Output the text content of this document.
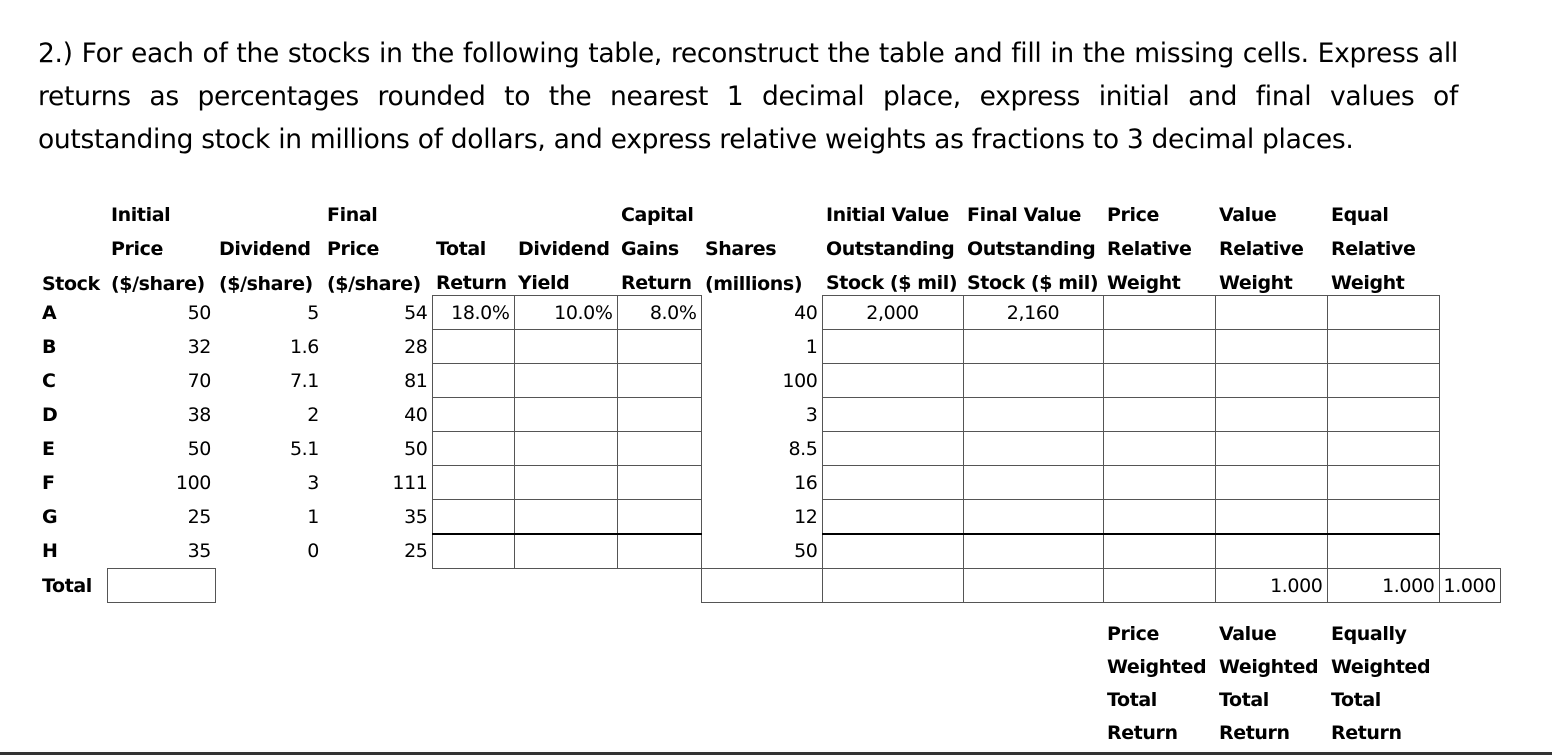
2.) For each of the stocks in the following table, reconstruct the table and fill in the missing cells. Express all returns as percentages rounded to the nearest 1 decimal place, express initial and final values of outstanding stock in millions of dollars, and express relative weights as fractions to 3 decimal places.
	Initial		Final			Capital		Initial Value	Final Value	Price	Value	Equal	
	Price	Dividend	Price	Total	Dividend	Gains	Shares	Outstanding	Outstanding	Relative	Relative	Relative	
Stock	($/share)	($/share)	($/share)	Return	Yield	Return	(millions)	Stock ($ mil)	Stock ($ mil)	Weight	Weight	Weight	
A	50	5	54	18.0%	10.0%	8.0%	40	2,000	2,160				
B	32	1.6	28				1						
C	70	7.1	81				100						
D	38	2	40				3						
E	50	5.1	50				8.5						
F	100	3	111				16						
G	25	1	35				12						
H	35	0	25				50						
Total											1.000	1.000	1.000

										Price	Value	Equally	
										Weighted	Weighted	Weighted	
										Total	Total	Total	
										Return	Return	Return	
